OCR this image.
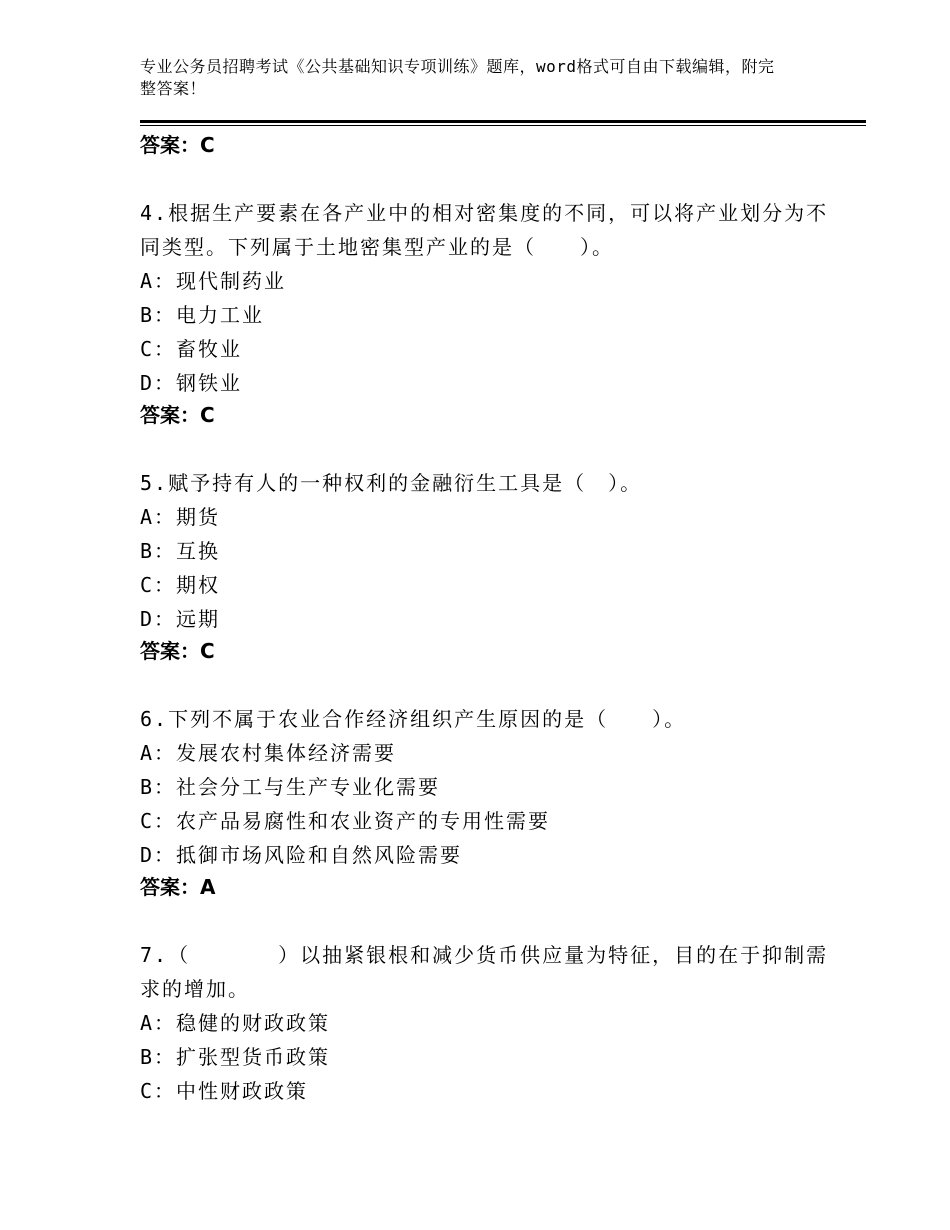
专业公务员招聘考试《公共基础知识专项训练》题库，word格式可自由下载编辑，附完整答案！
答案：C

4.根据生产要素在各产业中的相对密集度的不同，可以将产业划分为不同类型。下列属于土地密集型产业的是（　　）。

A：现代制药业

B：电力工业

C：畜牧业

D：钢铁业

答案：C

5.赋予持有人的一种权利的金融衍生工具是（　）。

A：期货

B：互换

C：期权

D：远期

答案：C

6.下列不属于农业合作经济组织产生原因的是（　　）。

A：发展农村集体经济需要

B：社会分工与生产专业化需要

C：农产品易腐性和农业资产的专用性需要

D：抵御市场风险和自然风险需要

答案：A

7.（　　　　）以抽紧银根和减少货币供应量为特征，目的在于抑制需求的增加。

A：稳健的财政政策

B：扩张型货币政策

C：中性财政政策
